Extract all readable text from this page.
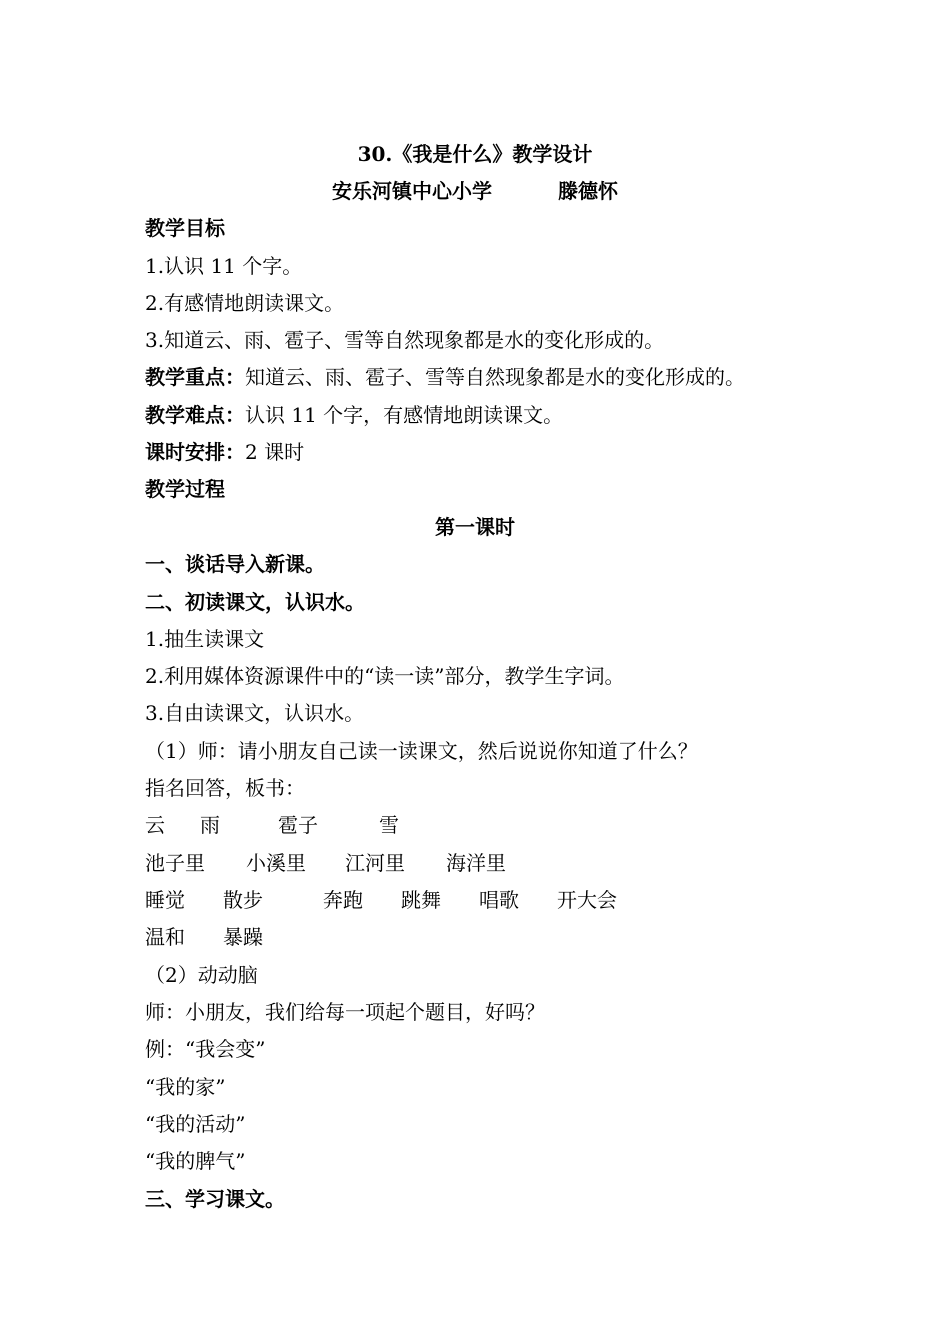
30.《我是什么》教学设计
安乐河镇中心小学	滕德怀
教学目标
1.认识 11 个字。
2.有感情地朗读课文。
3.知道云、雨、雹子、雪等自然现象都是水的变化形成的。
教学重点：知道云、雨、雹子、雪等自然现象都是水的变化形成的。
教学难点：认识 11 个字，有感情地朗读课文。
课时安排：2 课时
教学过程
第一课时
一、谈话导入新课。
二、初读课文，认识水。
1.抽生读课文
2.利用媒体资源课件中的“读一读”部分，教学生字词。
3.自由读课文，认识水。
（1）师：请小朋友自己读一读课文，然后说说你知道了什么？
指名回答，板书：
云 雨	雹子	雪
池子里 小溪里 江河里 海洋里
睡觉 散步	奔跑 跳舞 唱歌 开大会
温和 暴躁
（2）动动脑
师：小朋友，我们给每一项起个题目，好吗？
例：“我会变”
“我的家”
“我的活动”
“我的脾气”
三、学习课文。
